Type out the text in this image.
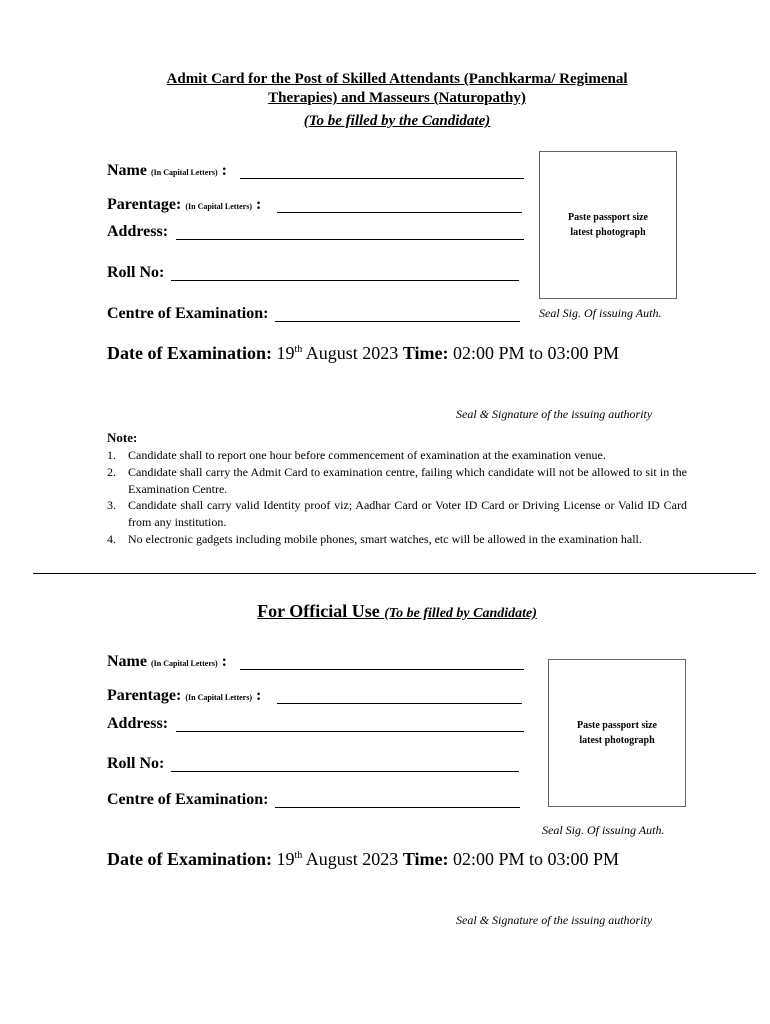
Admit Card for the Post of Skilled Attendants (Panchkarma/ Regimenal
Therapies) and Masseurs (Naturopathy)
(To be filled by the Candidate)
Name (In Capital Letters) :
Parentage: (In Capital Letters) :
Address:
Roll No:
Centre of Examination:
Paste passport size
latest photograph
Seal Sig. Of issuing Auth.
Date of Examination: 19th August 2023 Time: 02:00 PM to 03:00 PM
Seal & Signature of the issuing authority
Note:
1. Candidate shall to report one hour before commencement of examination at the examination venue.
2. Candidate shall carry the Admit Card to examination centre, failing which candidate will not be allowed to sit in the Examination Centre.
3. Candidate shall carry valid Identity proof viz; Aadhar Card or Voter ID Card or Driving License or Valid ID Card from any institution.
4. No electronic gadgets including mobile phones, smart watches, etc will be allowed in the examination hall.
For Official Use (To be filled by Candidate)
Name (In Capital Letters) :
Parentage: (In Capital Letters) :
Address:
Roll No:
Centre of Examination:
Paste passport size
latest photograph
Seal Sig. Of issuing Auth.
Date of Examination: 19th August 2023 Time: 02:00 PM to 03:00 PM
Seal & Signature of the issuing authority
